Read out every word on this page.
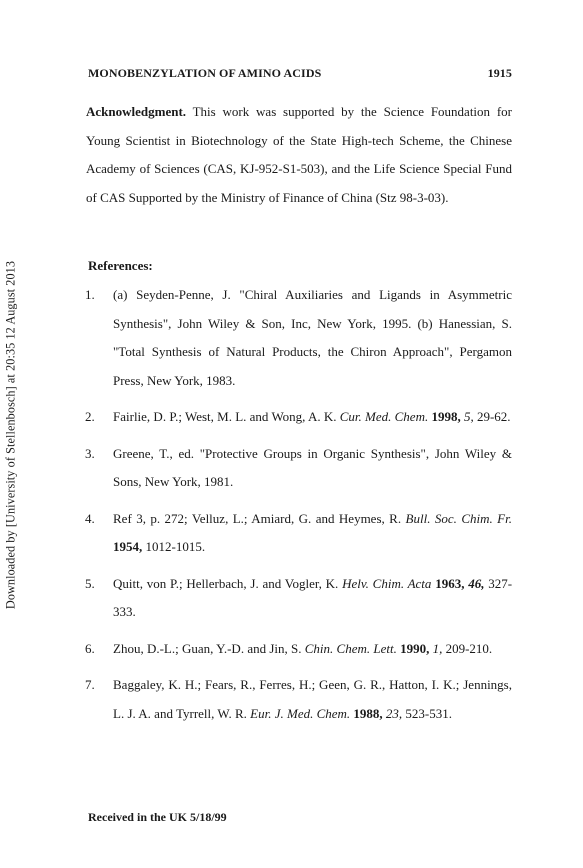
Downloaded by [University of Stellenbosch] at 20:35 12 August 2013
MONOBENZYLATION OF AMINO ACIDS	1915

Acknowledgment. This work was supported by the Science Foundation for Young Scientist in Biotechnology of the State High-tech Scheme, the Chinese Academy of Sciences (CAS, KJ-952-S1-503), and the Life Science Special Fund of CAS Supported by the Ministry of Finance of China (Stz 98-3-03).

References:
1. (a) Seyden-Penne, J. "Chiral Auxiliaries and Ligands in Asymmetric Synthesis", John Wiley & Son, Inc, New York, 1995. (b) Hanessian, S. "Total Synthesis of Natural Products, the Chiron Approach", Pergamon Press, New York, 1983.
2. Fairlie, D. P.; West, M. L. and Wong, A. K. Cur. Med. Chem. 1998, 5, 29-62.
3. Greene, T., ed. "Protective Groups in Organic Synthesis", John Wiley & Sons, New York, 1981.
4. Ref 3, p. 272; Velluz, L.; Amiard, G. and Heymes, R. Bull. Soc. Chim. Fr. 1954, 1012-1015.
5. Quitt, von P.; Hellerbach, J. and Vogler, K. Helv. Chim. Acta 1963, 46, 327-333.
6. Zhou, D.-L.; Guan, Y.-D. and Jin, S. Chin. Chem. Lett. 1990, 1, 209-210.
7. Baggaley, K. H.; Fears, R., Ferres, H.; Geen, G. R., Hatton, I. K.; Jennings, L. J. A. and Tyrrell, W. R. Eur. J. Med. Chem. 1988, 23, 523-531.
Received in the UK 5/18/99
